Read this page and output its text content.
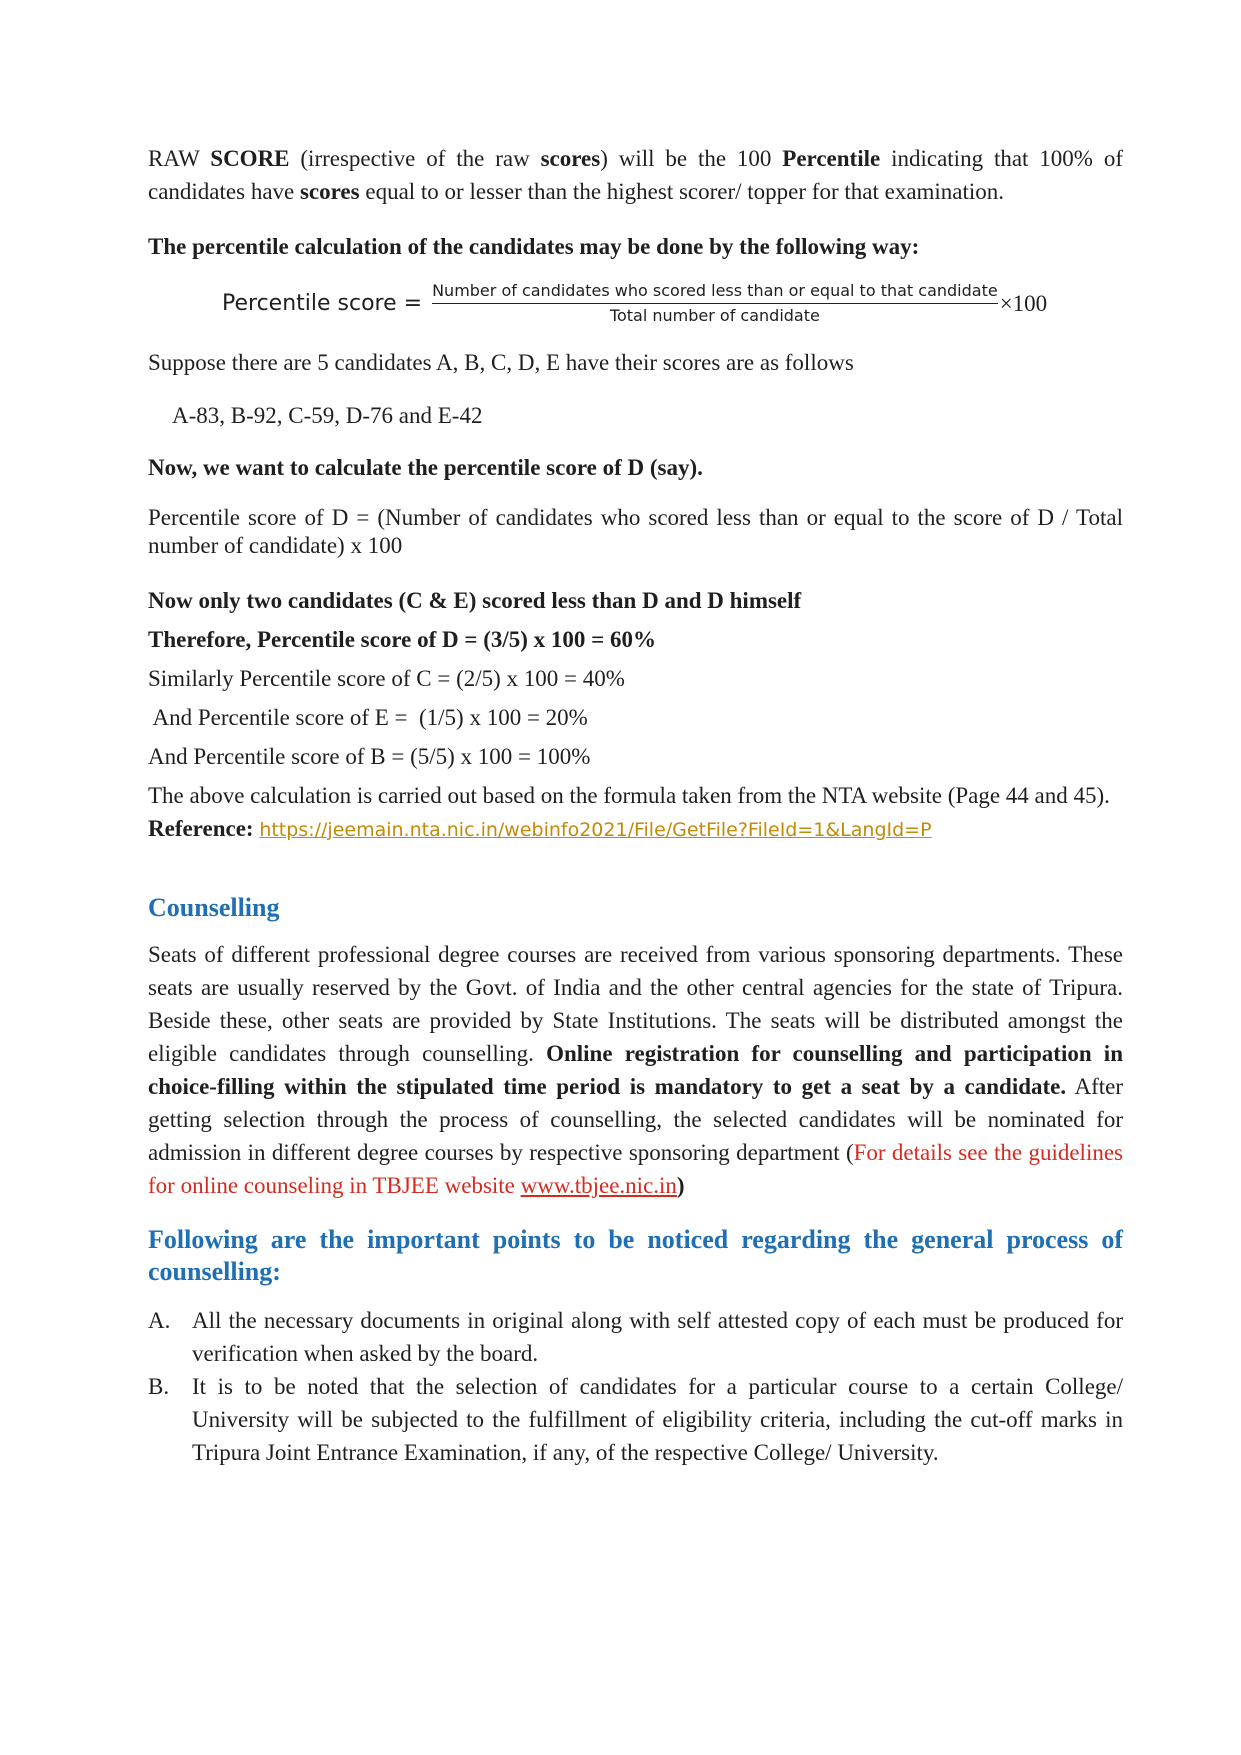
RAW SCORE (irrespective of the raw scores) will be the 100 Percentile indicating that 100% of candidates have scores equal to or lesser than the highest scorer/ topper for that examination.

The percentile calculation of the candidates may be done by the following way:

Percentile score =
Number of candidates who scored less than or equal to that candidate
Total number of candidate	×100

Suppose there are 5 candidates A, B, C, D, E have their scores are as follows

A-83, B-92, C-59, D-76 and E-42

Now, we want to calculate the percentile score of D (say).

Percentile score of D = (Number of candidates who scored less than or equal to the score of D / Total number of candidate) x 100

Now only two candidates (C & E) scored less than D and D himself

Therefore, Percentile score of D = (3/5) x 100 = 60%

Similarly Percentile score of C = (2/5) x 100 = 40%

And Percentile score of E =  (1/5) x 100 = 20%

And Percentile score of B = (5/5) x 100 = 100%

The above calculation is carried out based on the formula taken from the NTA website (Page 44 and 45).

Reference: https://jeemain.nta.nic.in/webinfo2021/File/GetFile?FileId=1&LangId=P

Counselling

Seats of different professional degree courses are received from various sponsoring departments. These seats are usually reserved by the Govt. of India and the other central agencies for the state of Tripura. Beside these, other seats are provided by State Institutions. The seats will be distributed amongst the eligible candidates through counselling. Online registration for counselling and participation in choice-filling within the stipulated time period is mandatory to get a seat by a candidate. After getting selection through the process of counselling, the selected candidates will be nominated for admission in different degree courses by respective sponsoring department (For details see the guidelines for online counseling in TBJEE website www.tbjee.nic.in)

Following are the important points to be noticed regarding the general process of counselling:

A. All the necessary documents in original along with self attested copy of each must be produced for verification when asked by the board.
B. It is to be noted that the selection of candidates for a particular course to a certain College/ University will be subjected to the fulfillment of eligibility criteria, including the cut-off marks in Tripura Joint Entrance Examination, if any, of the respective College/ University.
